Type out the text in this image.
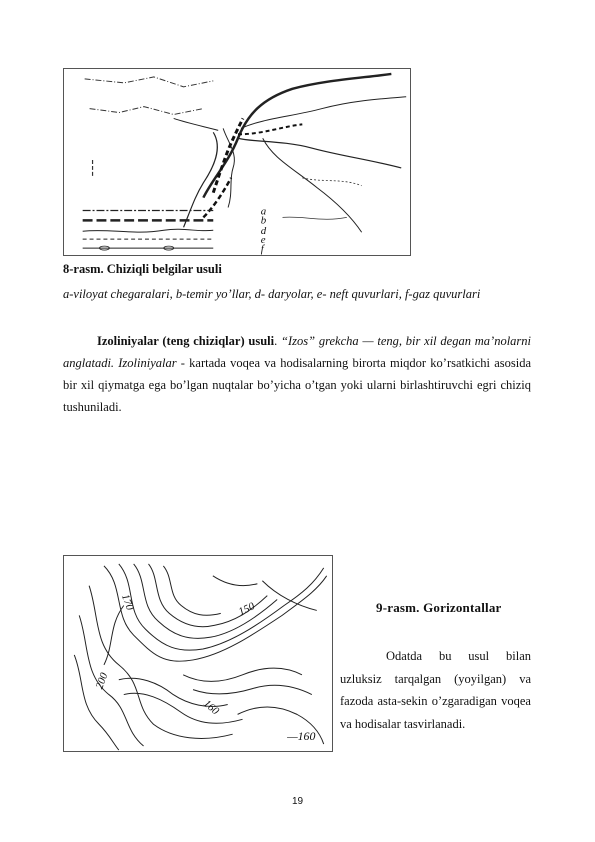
a
b
d
e
f
8-rasm. Chiziqli belgilar usuli
a-viloyat chegaralari, b-temir yo’llar, d- daryolar, e- neft quvurlari, f-gaz quvurlari
Izoliniyalar (teng chiziqlar) usuli. “Izos” grekcha — teng, bir xil degan ma’nolarni anglatadi. Izoliniyalar - kartada voqea va hodisalarning birorta miqdor ko’rsatkichi asosida bir xil qiymatga ega bo’lgan nuqtalar bo’yicha o’tgan yoki ularni birlashtiruvchi egri chiziq tushuniladi.
170	150
200
160
—160
9-rasm. Gorizontallar
Odatda bu usul bilan uzluksiz tarqalgan (yoyilgan) va fazoda asta-sekin o’zgaradigan voqea va hodisalar tasvirlanadi.
19
